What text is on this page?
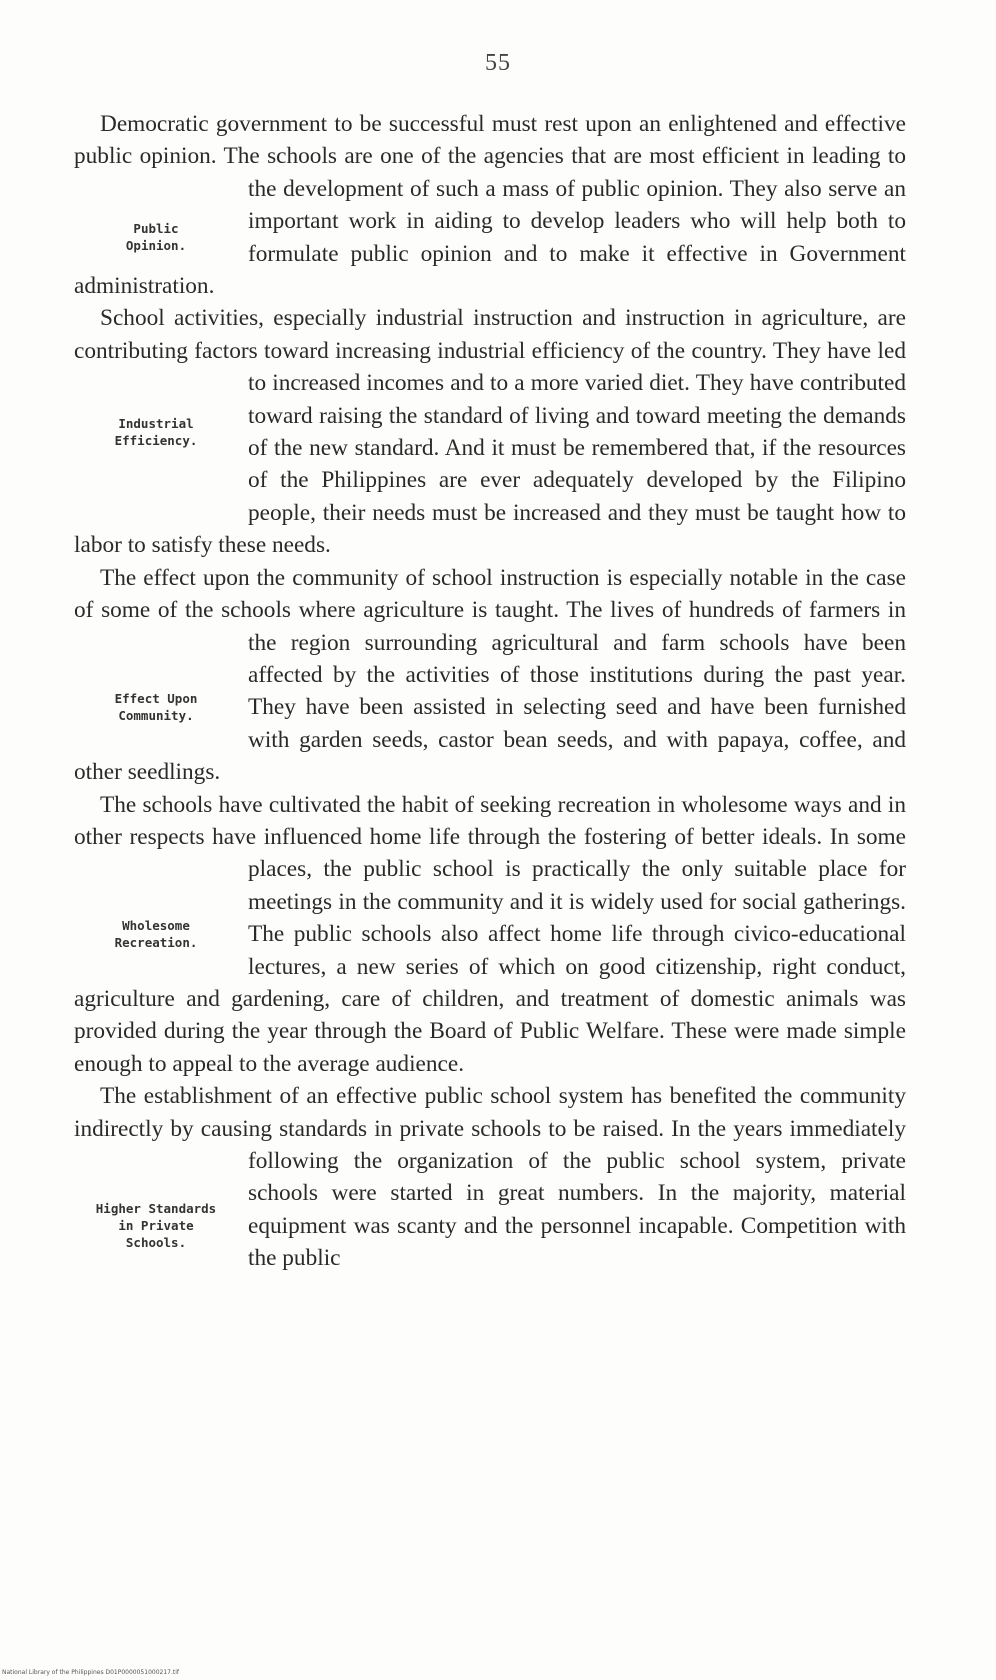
55

Public
Opinion.
Democratic government to be successful must rest upon an enlightened and effective public opinion. The schools are one of the agencies that are most efficient in leading to the development of such a mass of public opinion. They also serve an important work in aiding to develop leaders who will help both to formulate public opinion and to make it effective in Government administration.

Industrial
Efficiency.
School activities, especially industrial instruction and instruction in agriculture, are contributing factors toward increasing industrial efficiency of the country. They have led to increased incomes and to a more varied diet. They have contributed toward raising the standard of living and toward meeting the demands of the new standard. And it must be remembered that, if the resources of the Philippines are ever adequately developed by the Filipino people, their needs must be increased and they must be taught how to labor to satisfy these needs.

Effect Upon
Community.
The effect upon the community of school instruction is especially notable in the case of some of the schools where agriculture is taught. The lives of hundreds of farmers in the region surrounding agricultural and farm schools have been affected by the activities of those institutions during the past year. They have been assisted in selecting seed and have been furnished with garden seeds, castor bean seeds, and with papaya, coffee, and other seedlings.

Wholesome
Recreation.
The schools have cultivated the habit of seeking recreation in wholesome ways and in other respects have influenced home life through the fostering of better ideals. In some places, the public school is practically the only suitable place for meetings in the community and it is widely used for social gatherings. The public schools also affect home life through civico-educational lectures, a new series of which on good citizenship, right conduct, agriculture and gardening, care of children, and treatment of domestic animals was provided during the year through the Board of Public Welfare. These were made simple enough to appeal to the average audience.

Higher Standards
in Private
Schools.
The establishment of an effective public school system has benefited the community indirectly by causing standards in private schools to be raised. In the years immediately following the organization of the public school system, private schools were started in great numbers. In the majority, material equipment was scanty and the personnel incapable. Competition with the public

National Library of the Philippines D01P0000051000217.tif
